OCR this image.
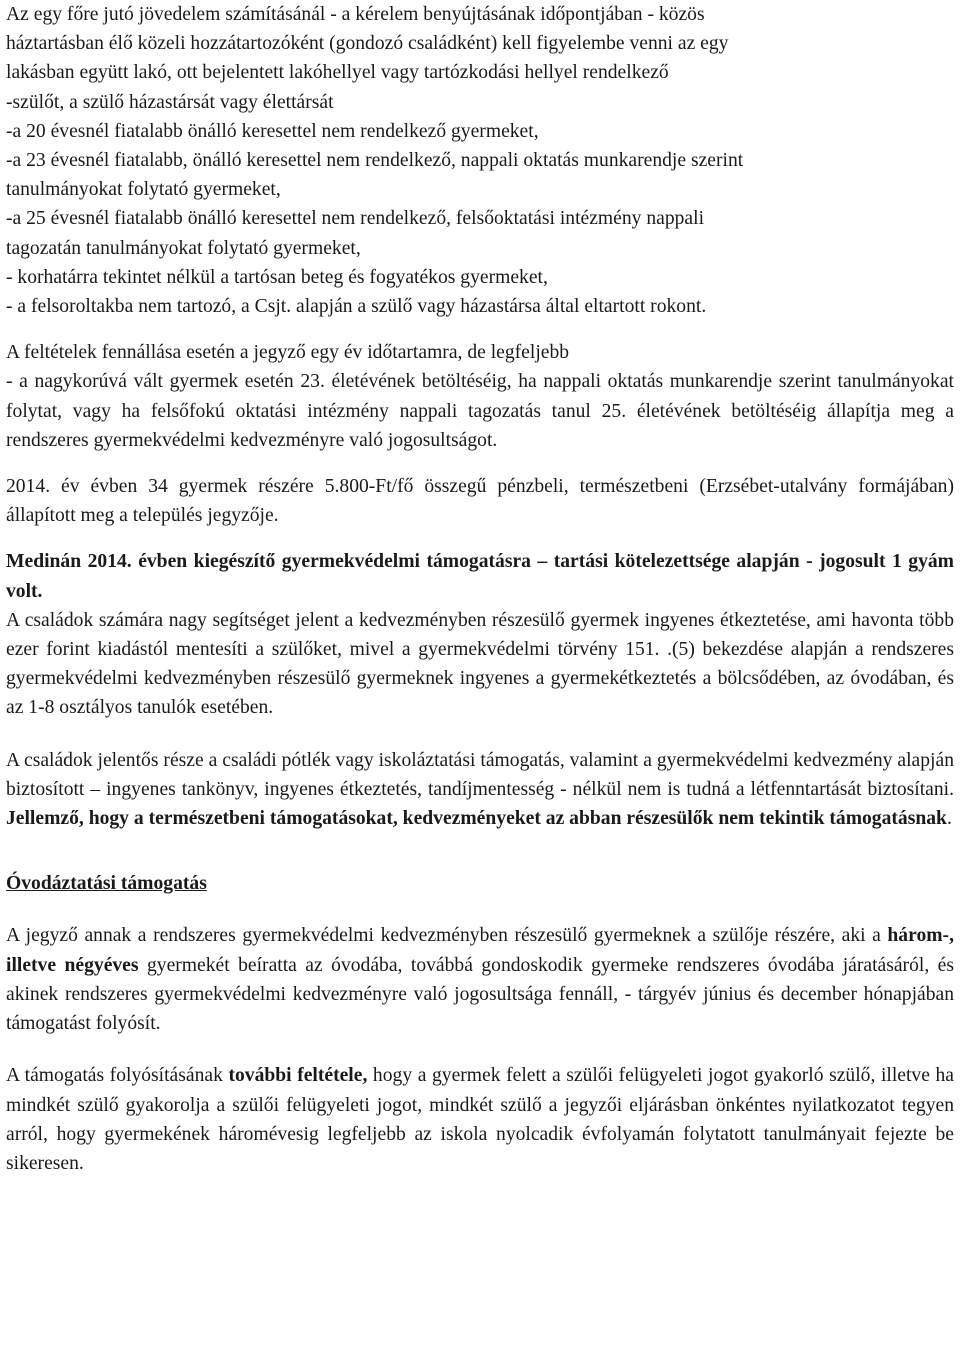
Az egy főre jutó jövedelem számításánál - a kérelem benyújtásának időpontjában - közös
háztartásban élő közeli hozzátartozóként (gondozó családként) kell figyelembe venni az egy
lakásban együtt lakó, ott bejelentett lakóhellyel vagy tartózkodási hellyel rendelkező
-szülőt, a szülő házastársát vagy élettársát
-a 20 évesnél fiatalabb önálló keresettel nem rendelkező gyermeket,
-a 23 évesnél fiatalabb, önálló keresettel nem rendelkező, nappali oktatás munkarendje szerint
tanulmányokat folytató gyermeket,
-a 25 évesnél fiatalabb önálló keresettel nem rendelkező, felsőoktatási intézmény nappali
tagozatán tanulmányokat folytató gyermeket,
- korhatárra tekintet nélkül a tartósan beteg és fogyatékos gyermeket,
- a felsoroltakba nem tartozó, a Csjt. alapján a szülő vagy házastársa által eltartott rokont.

A feltételek fennállása esetén a jegyző egy év időtartamra, de legfeljebb
- a nagykorúvá vált gyermek esetén 23. életévének betöltéséig, ha nappali oktatás munkarendje szerint tanulmányokat folytat, vagy ha felsőfokú oktatási intézmény nappali tagozatás tanul 25. életévének betöltéséig állapítja meg a rendszeres gyermekvédelmi kedvezményre való jogosultságot.

2014. év évben 34 gyermek részére 5.800-Ft/fő összegű pénzbeli, természetbeni (Erzsébet-utalvány formájában) állapított meg a település jegyzője.

Medinán 2014. évben kiegészítő gyermekvédelmi támogatásra – tartási kötelezettsége alapján - jogosult 1 gyám volt.

A családok számára nagy segítséget jelent a kedvezményben részesülő gyermek ingyenes étkeztetése, ami havonta több ezer forint kiadástól mentesíti a szülőket, mivel a gyermekvédelmi törvény 151. .(5) bekezdése alapján a rendszeres gyermekvédelmi kedvezményben részesülő gyermeknek ingyenes a gyermekétkeztetés a bölcsődében, az óvodában, és az 1-8 osztályos tanulók esetében.

A családok jelentős része a családi pótlék vagy iskoláztatási támogatás, valamint a gyermekvédelmi kedvezmény alapján biztosított – ingyenes tankönyv, ingyenes étkeztetés, tandíjmentesség - nélkül nem is tudná a létfenntartását biztosítani. Jellemző, hogy a természetbeni támogatásokat, kedvezményeket az abban részesülők nem tekintik támogatásnak.

Óvodáztatási támogatás

A jegyző annak a rendszeres gyermekvédelmi kedvezményben részesülő gyermeknek a szülője részére, aki a három-, illetve négyéves gyermekét beíratta az óvodába, továbbá gondoskodik gyermeke rendszeres óvodába járatásáról, és akinek rendszeres gyermekvédelmi kedvezményre való jogosultsága fennáll, - tárgyév június és december hónapjában támogatást folyósít.

A támogatás folyósításának további feltétele, hogy a gyermek felett a szülői felügyeleti jogot gyakorló szülő, illetve ha mindkét szülő gyakorolja a szülői felügyeleti jogot, mindkét szülő a jegyzői eljárásban önkéntes nyilatkozatot tegyen arról, hogy gyermekének háromévesig legfeljebb az iskola nyolcadik évfolyamán folytatott tanulmányait fejezte be sikeresen.
